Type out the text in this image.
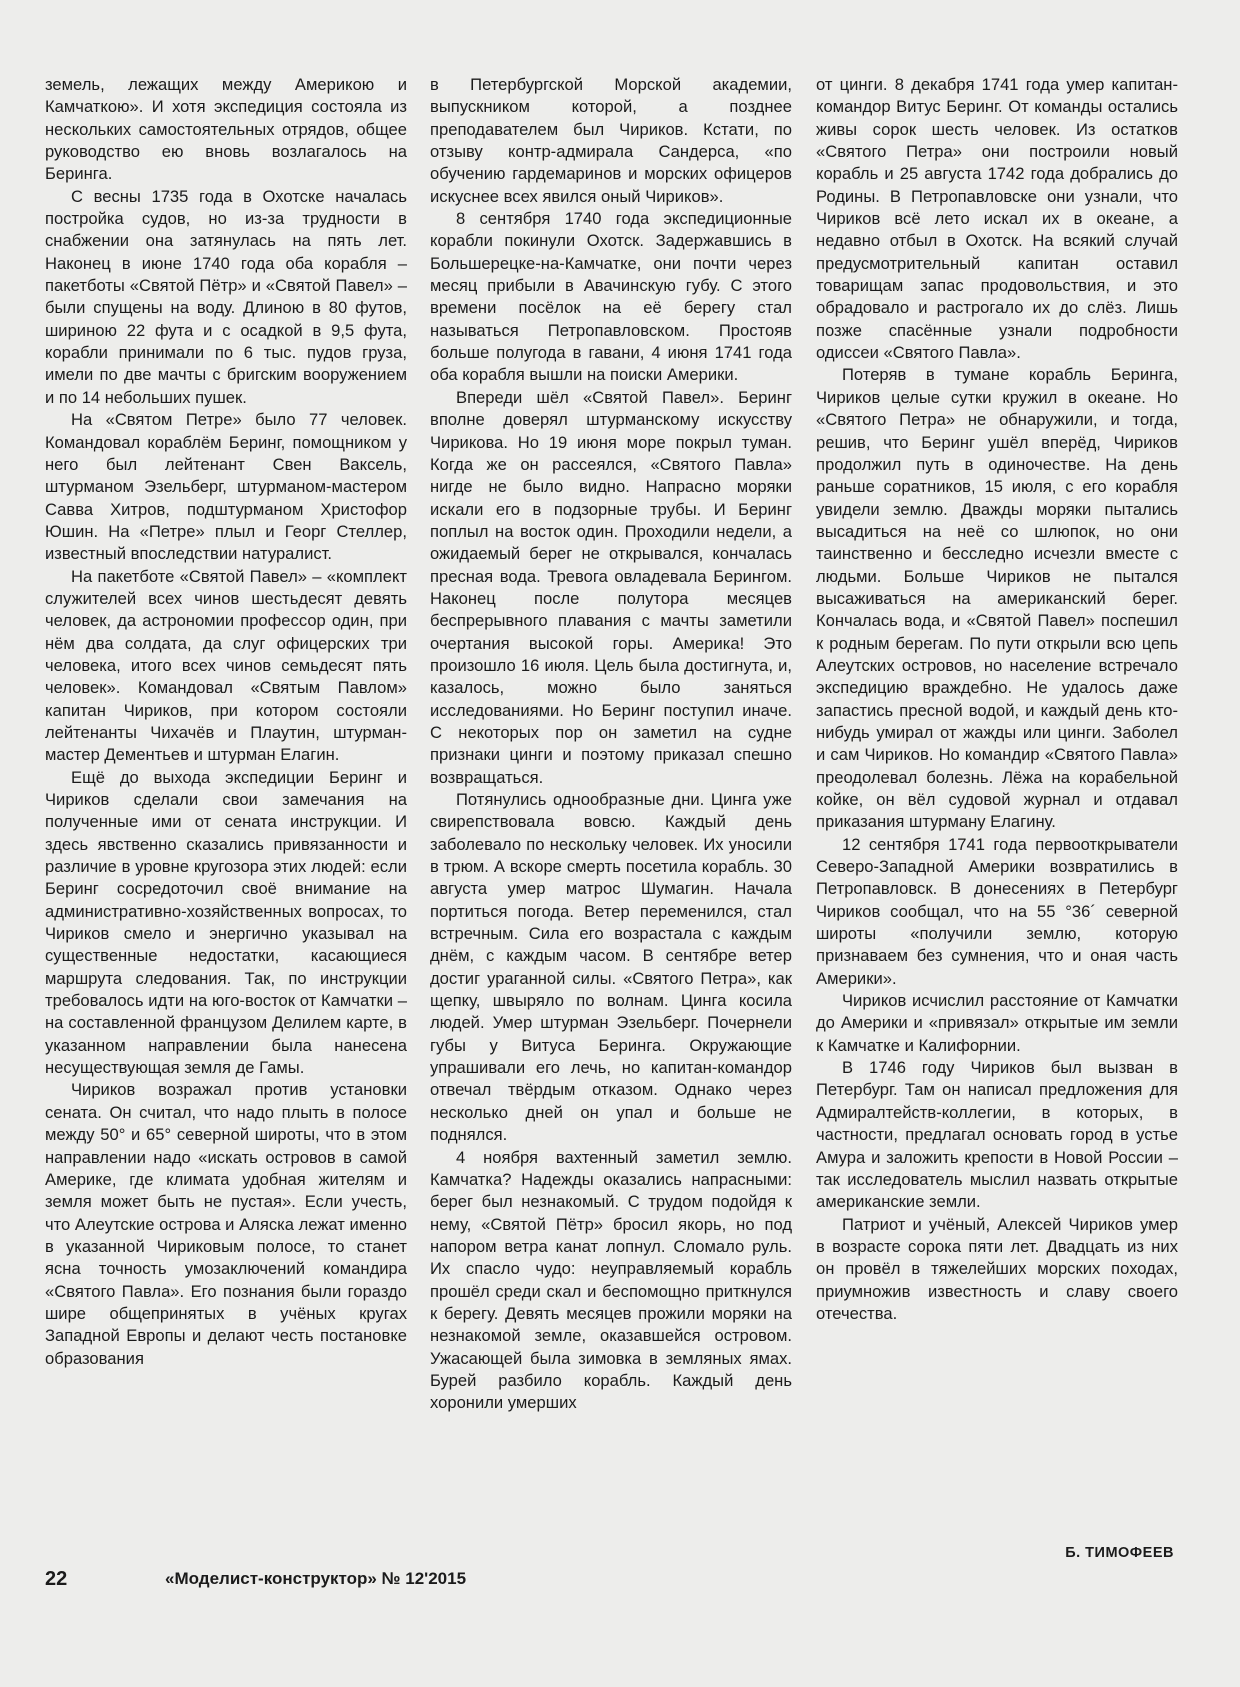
земель, лежащих между Америкою и Камчаткою». И хотя экспедиция состояла из нескольких самостоятельных отрядов, общее руководство ею вновь возлагалось на Беринга.

С весны 1735 года в Охотске началась постройка судов, но из-за трудности в снабжении она затянулась на пять лет. Наконец в июне 1740 года оба корабля – пакетботы «Святой Пётр» и «Святой Павел» – были спущены на воду. Длиною в 80 футов, шириною 22 фута и с осадкой в 9,5 фута, корабли принимали по 6 тыс. пудов груза, имели по две мачты с бригским вооружением и по 14 небольших пушек.

На «Святом Петре» было 77 человек. Командовал кораблём Беринг, помощником у него был лейтенант Свен Ваксель, штурманом Эзельберг, штурманом-мастером Савва Хитров, подштурманом Христофор Юшин. На «Петре» плыл и Георг Стеллер, известный впоследствии натуралист.

На пакетботе «Святой Павел» – «комплект служителей всех чинов шестьдесят девять человек, да астрономии профессор один, при нём два солдата, да слуг офицерских три человека, итого всех чинов семьдесят пять человек». Командовал «Святым Павлом» капитан Чириков, при котором состояли лейтенанты Чихачёв и Плаутин, штурман-мастер Дементьев и штурман Елагин.

Ещё до выхода экспедиции Беринг и Чириков сделали свои замечания на полученные ими от сената инструкции. И здесь явственно сказались привязанности и различие в уровне кругозора этих людей: если Беринг сосредоточил своё внимание на административно-хозяйственных вопросах, то Чириков смело и энергично указывал на существенные недостатки, касающиеся маршрута следования. Так, по инструкции требовалось идти на юго-восток от Камчатки – на составленной французом Делилем карте, в указанном направлении была нанесена несуществующая земля де Гамы.

Чириков возражал против установки сената. Он считал, что надо плыть в полосе между 50° и 65° северной широты, что в этом направлении надо «искать островов в самой Америке, где климата удобная жителям и земля может быть не пустая». Если учесть, что Алеутские острова и Аляска лежат именно в указанной Чириковым полосе, то станет ясна точность умозаключений командира «Святого Павла». Его познания были гораздо шире общепринятых в учёных кругах Западной Европы и делают честь постановке образования

в Петербургской Морской академии, выпускником которой, а позднее преподавателем был Чириков. Кстати, по отзыву контр-адмирала Сандерса, «по обучению гардемаринов и морских офицеров искуснее всех явился оный Чириков».

8 сентября 1740 года экспедиционные корабли покинули Охотск. Задержавшись в Большерецке-на-Камчатке, они почти через месяц прибыли в Авачинскую губу. С этого времени посёлок на её берегу стал называться Петропавловском. Простояв больше полугода в гавани, 4 июня 1741 года оба корабля вышли на поиски Америки.

Впереди шёл «Святой Павел». Беринг вполне доверял штурманскому искусству Чирикова. Но 19 июня море покрыл туман. Когда же он рассеялся, «Святого Павла» нигде не было видно. Напрасно моряки искали его в подзорные трубы. И Беринг поплыл на восток один. Проходили недели, а ожидаемый берег не открывался, кончалась пресная вода. Тревога овладевала Берингом. Наконец после полутора месяцев беспрерывного плавания с мачты заметили очертания высокой горы. Америка! Это произошло 16 июля. Цель была достигнута, и, казалось, можно было заняться исследованиями. Но Беринг поступил иначе. С некоторых пор он заметил на судне признаки цинги и поэтому приказал спешно возвращаться.

Потянулись однообразные дни. Цинга уже свирепствовала вовсю. Каждый день заболевало по нескольку человек. Их уносили в трюм. А вскоре смерть посетила корабль. 30 августа умер матрос Шумагин. Начала портиться погода. Ветер переменился, стал встречным. Сила его возрастала с каждым днём, с каждым часом. В сентябре ветер достиг ураганной силы. «Святого Петра», как щепку, швыряло по волнам. Цинга косила людей. Умер штурман Эзельберг. Почернели губы у Витуса Беринга. Окружающие упрашивали его лечь, но капитан-командор отвечал твёрдым отказом. Однако через несколько дней он упал и больше не поднялся.

4 ноября вахтенный заметил землю. Камчатка? Надежды оказались напрасными: берег был незнакомый. С трудом подойдя к нему, «Святой Пётр» бросил якорь, но под напором ветра канат лопнул. Сломало руль. Их спасло чудо: неуправляемый корабль прошёл среди скал и беспомощно приткнулся к берегу. Девять месяцев прожили моряки на незнакомой земле, оказавшейся островом. Ужасающей была зимовка в земляных ямах. Бурей разбило корабль. Каждый день хоронили умерших

от цинги. 8 декабря 1741 года умер капитан-командор Витус Беринг. От команды остались живы сорок шесть человек. Из остатков «Святого Петра» они построили новый корабль и 25 августа 1742 года добрались до Родины. В Петропавловске они узнали, что Чириков всё лето искал их в океане, а недавно отбыл в Охотск. На всякий случай предусмотрительный капитан оставил товарищам запас продовольствия, и это обрадовало и растрогало их до слёз. Лишь позже спасённые узнали подробности одиссеи «Святого Павла».

Потеряв в тумане корабль Беринга, Чириков целые сутки кружил в океане. Но «Святого Петра» не обнаружили, и тогда, решив, что Беринг ушёл вперёд, Чириков продолжил путь в одиночестве. На день раньше соратников, 15 июля, с его корабля увидели землю. Дважды моряки пытались высадиться на неё со шлюпок, но они таинственно и бесследно исчезли вместе с людьми. Больше Чириков не пытался высаживаться на американский берег. Кончалась вода, и «Святой Павел» поспешил к родным берегам. По пути открыли всю цепь Алеутских островов, но население встречало экспедицию враждебно. Не удалось даже запастись пресной водой, и каждый день кто-нибудь умирал от жажды или цинги. Заболел и сам Чириков. Но командир «Святого Павла» преодолевал болезнь. Лёжа на корабельной койке, он вёл судовой журнал и отдавал приказания штурману Елагину.

12 сентября 1741 года первооткрыватели Северо-Западной Америки возвратились в Петропавловск. В донесениях в Петербург Чириков сообщал, что на 55 °36´ северной широты «получили землю, которую признаваем без сумнения, что и оная часть Америки».

Чириков исчислил расстояние от Камчатки до Америки и «привязал» открытые им земли к Камчатке и Калифорнии.

В 1746 году Чириков был вызван в Петербург. Там он написал предложения для Адмиралтейств-коллегии, в которых, в частности, предлагал основать город в устье Амура и заложить крепости в Новой России – так исследователь мыслил назвать открытые американские земли.

Патриот и учёный, Алексей Чириков умер в возрасте сорока пяти лет. Двадцать из них он провёл в тяжелейших морских походах, приумножив известность и славу своего отечества.

Б. ТИМОФЕЕВ
22	«Моделист-конструктор» № 12'2015
